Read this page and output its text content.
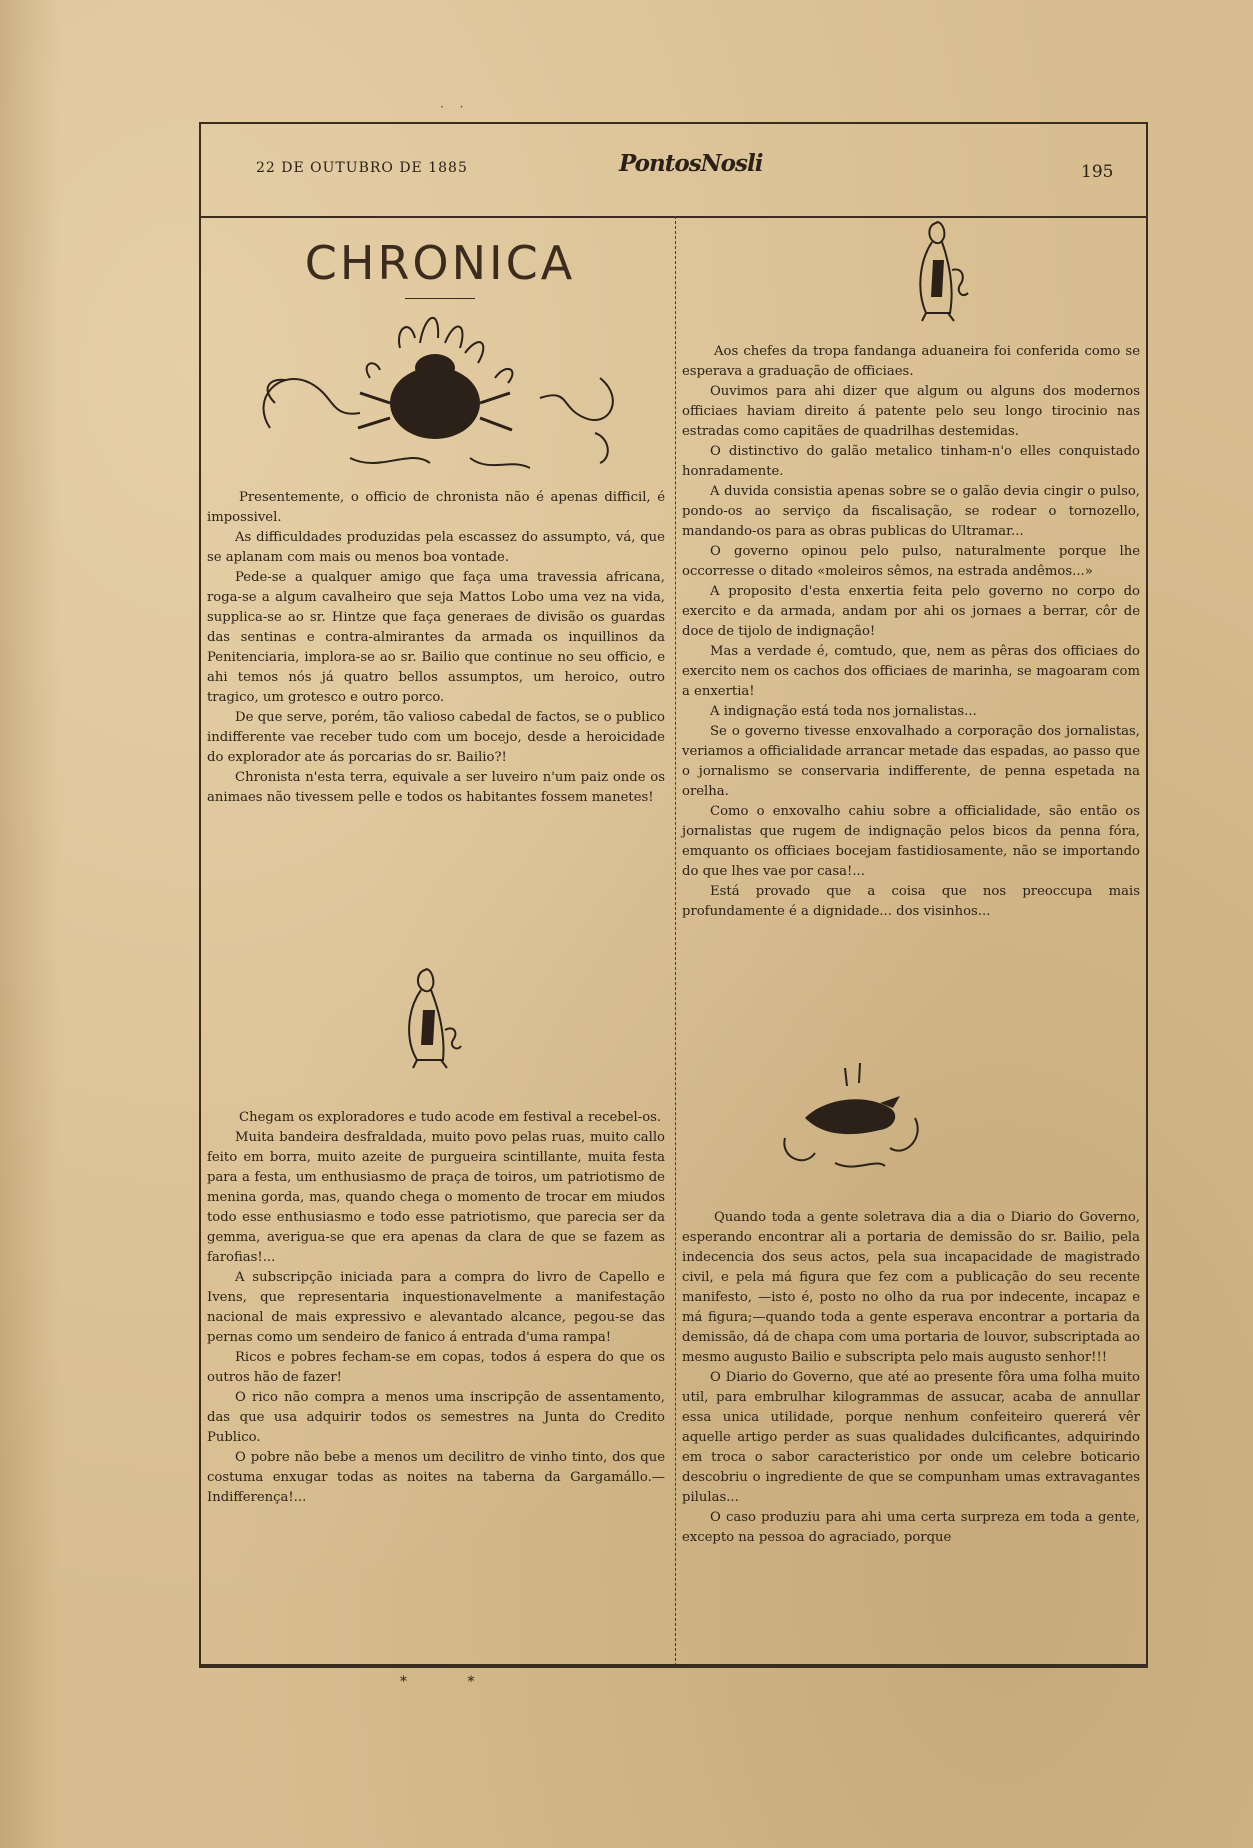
· ·
22 DE OUTUBRO DE 1885	PontosNosli	195
CHRONICA

Presentemente, o officio de chronista não é apenas difficil, é impossivel.

As difficuldades produzidas pela escassez do assumpto, vá, que se aplanam com mais ou menos boa vontade.

Pede-se a qualquer amigo que faça uma travessia africana, roga-se a algum cavalheiro que seja Mattos Lobo uma vez na vida, supplica-se ao sr. Hintze que faça generaes de divisão os guardas das sentinas e contra-almirantes da armada os inquillinos da Penitenciaria, implora-se ao sr. Bailio que continue no seu officio, e ahi temos nós já quatro bellos assumptos, um heroico, outro tragico, um grotesco e outro porco.

De que serve, porém, tão valioso cabedal de factos, se o publico indifferente vae receber tudo com um bocejo, desde a heroicidade do explorador ate ás porcarias do sr. Bailio?!

Chronista n'esta terra, equivale a ser luveiro n'um paiz onde os animaes não tivessem pelle e todos os habitantes fossem manetes!

Chegam os exploradores e tudo acode em festival a recebel-os.

Muita bandeira desfraldada, muito povo pelas ruas, muito callo feito em borra, muito azeite de purgueira scintillante, muita festa para a festa, um enthusiasmo de praça de toiros, um patriotismo de menina gorda, mas, quando chega o momento de trocar em miudos todo esse enthusiasmo e todo esse patriotismo, que parecia ser da gemma, averigua-se que era apenas da clara de que se fazem as farofias!...

A subscripção iniciada para a compra do livro de Capello e Ivens, que representaria inquestionavelmente a manifestação nacional de mais expressivo e alevantado alcance, pegou-se das pernas como um sendeiro de fanico á entrada d'uma rampa!

Ricos e pobres fecham-se em copas, todos á espera do que os outros hão de fazer!

O rico não compra a menos uma inscripção de assentamento, das que usa adquirir todos os semestres na Junta do Credito Publico.

O pobre não bebe a menos um decilitro de vinho tinto, dos que costuma enxugar todas as noites na taberna da Gargamállo.—Indifferença!...

* *

Aos chefes da tropa fandanga aduaneira foi conferida como se esperava a graduação de officiaes.

Ouvimos para ahi dizer que algum ou alguns dos modernos officiaes haviam direito á patente pelo seu longo tirocinio nas estradas como capitães de quadrilhas destemidas.

O distinctivo do galão metalico tinham-n'o elles conquistado honradamente.

A duvida consistia apenas sobre se o galão devia cingir o pulso, pondo-os ao serviço da fiscalisação, se rodear o tornozello, mandando-os para as obras publicas do Ultramar...

O governo opinou pelo pulso, naturalmente porque lhe occorresse o ditado «moleiros sêmos, na estrada andêmos...»

A proposito d'esta enxertia feita pelo governo no corpo do exercito e da armada, andam por ahi os jornaes a berrar, côr de doce de tijolo de indignação!

Mas a verdade é, comtudo, que, nem as pêras dos officiaes do exercito nem os cachos dos officiaes de marinha, se magoaram com a enxertia!

A indignação está toda nos jornalistas...

Se o governo tivesse enxovalhado a corporação dos jornalistas, veriamos a officialidade arrancar metade das espadas, ao passo que o jornalismo se conservaria indifferente, de penna espetada na orelha.

Como o enxovalho cahiu sobre a officialidade, são então os jornalistas que rugem de indignação pelos bicos da penna fóra, emquanto os officiaes bocejam fastidiosamente, não se importando do que lhes vae por casa!...

Está provado que a coisa que nos preoccupa mais profundamente é a dignidade... dos visinhos...

Quando toda a gente soletrava dia a dia o Diario do Governo, esperando encontrar ali a portaria de demissão do sr. Bailio, pela indecencia dos seus actos, pela sua incapacidade de magistrado civil, e pela má figura que fez com a publicação do seu recente manifesto, —isto é, posto no olho da rua por indecente, incapaz e má figura;—quando toda a gente esperava encontrar a portaria da demissão, dá de chapa com uma portaria de louvor, subscriptada ao mesmo augusto Bailio e subscripta pelo mais augusto senhor!!!

O Diario do Governo, que até ao presente fôra uma folha muito util, para embrulhar kilogrammas de assucar, acaba de annullar essa unica utilidade, porque nenhum confeiteiro quererá vêr aquelle artigo perder as suas qualidades dulcificantes, adquirindo em troca o sabor caracteristico por onde um celebre boticario descobriu o ingrediente de que se compunham umas extravagantes pilulas...

O caso produziu para ahi uma certa surpreza em toda a gente, excepto na pessoa do agraciado, porque
